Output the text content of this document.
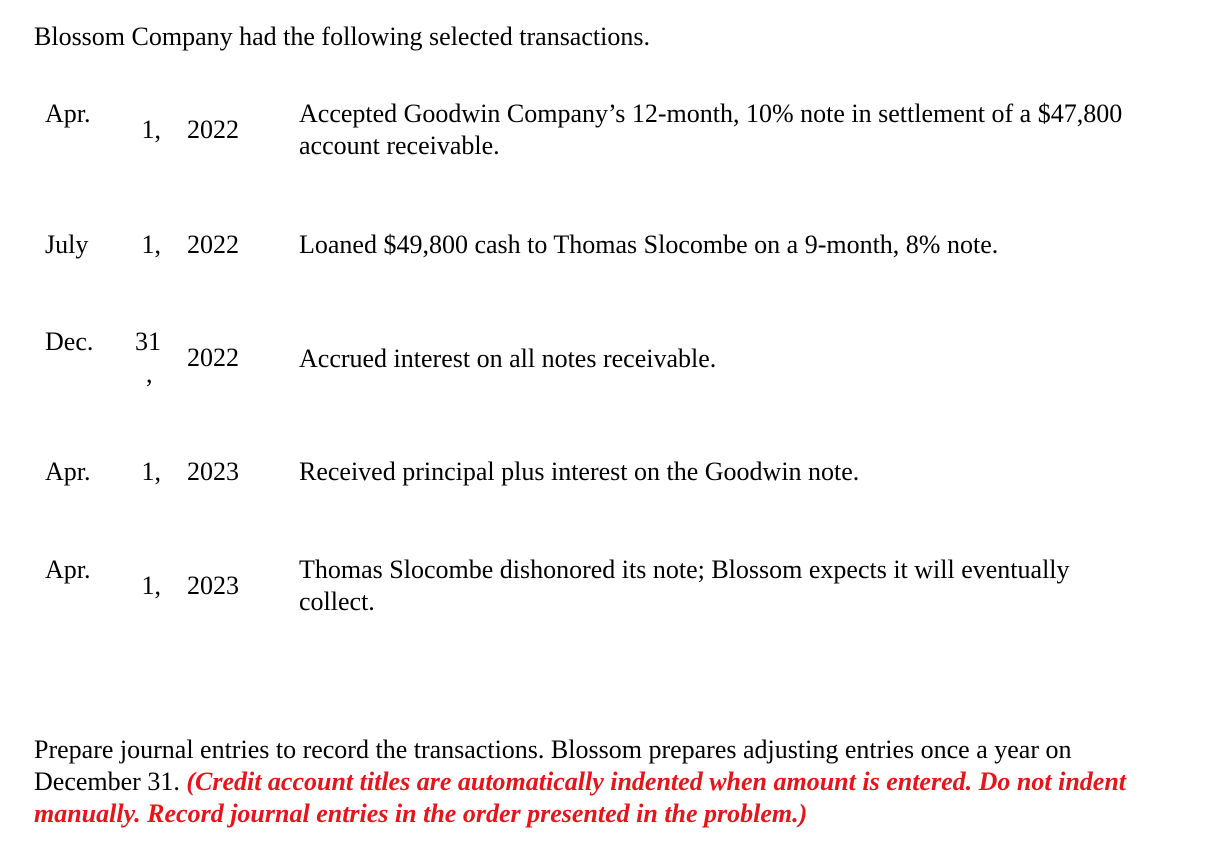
Blossom Company had the following selected transactions.
Apr.
1, 2022
Accepted Goodwin Company’s 12-month, 10% note in settlement of a $47,800 account receivable.
July	1, 2022 Loaned $49,800 cash to Thomas Slocombe on a 9-month, 8% note.
Dec. 31
,
2022 Accrued interest on all notes receivable.
Apr.	1, 2023 Received principal plus interest on the Goodwin note.
Apr.
1, 2023
Thomas Slocombe dishonored its note; Blossom expects it will eventually collect.
Prepare journal entries to record the transactions. Blossom prepares adjusting entries once a year on December 31. (Credit account titles are automatically indented when amount is entered. Do not indent manually. Record journal entries in the order presented in the problem.)
